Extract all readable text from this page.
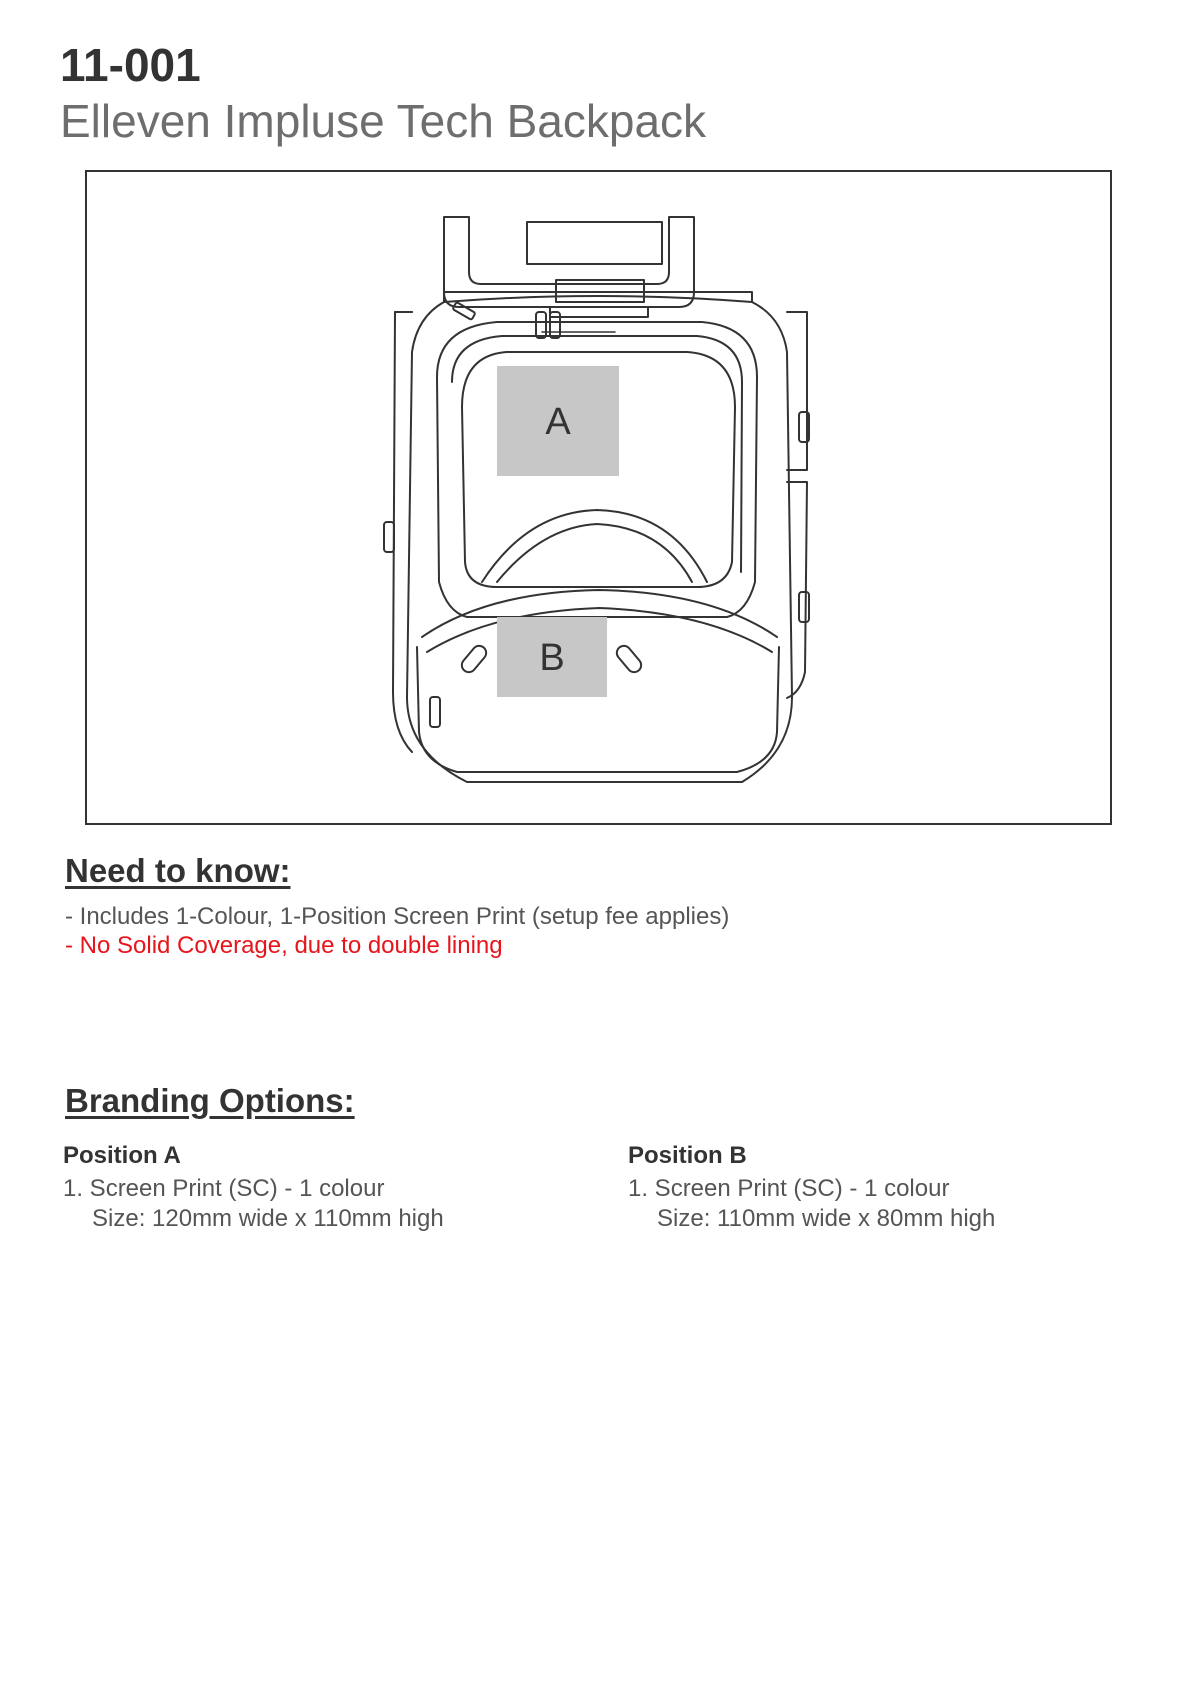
11-001
Elleven Impluse Tech Backpack
A
B
Need to know:
- Includes 1-Colour, 1-Position Screen Print (setup fee applies)
- No Solid Coverage, due to double lining
Branding Options:
Position A
1. Screen Print (SC) - 1 colour
Size: 120mm wide x 110mm high
Position B
1. Screen Print (SC) - 1 colour
Size: 110mm wide x 80mm high
